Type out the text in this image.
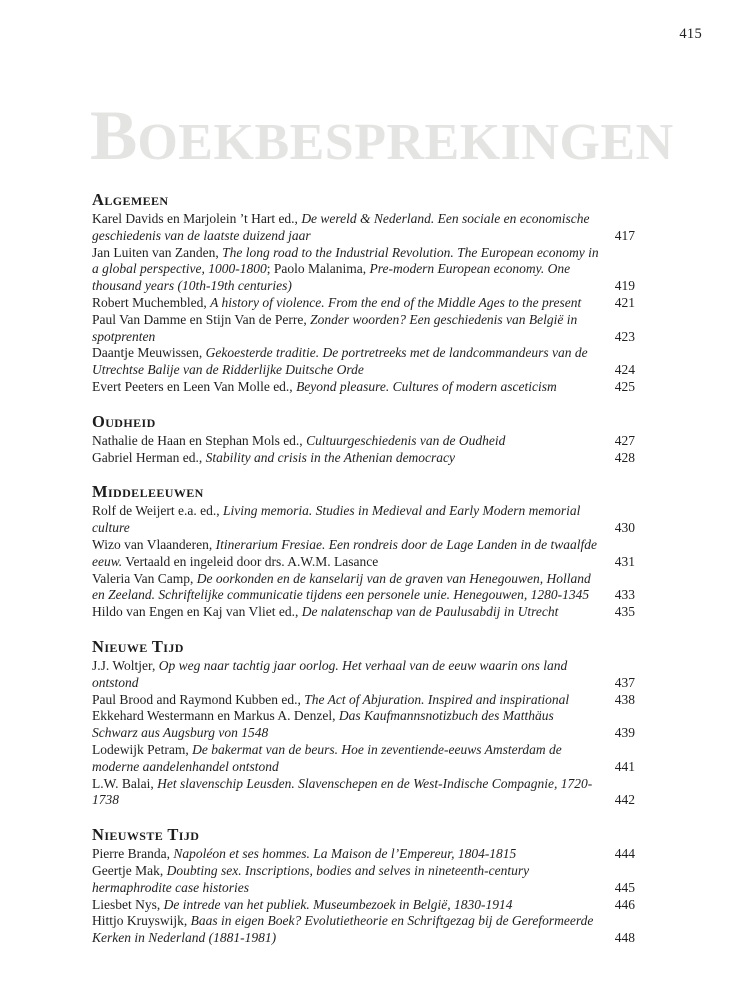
415
BOEKBESPREKINGEN
Algemeen

Karel Davids en Marjolein ’t Hart ed., De wereld & Nederland. Een sociale en economische geschiedenis van de laatste duizend jaar	417

Jan Luiten van Zanden, The long road to the Industrial Revolution. The European economy in a global perspective, 1000-1800; Paolo Malanima, Pre-modern European economy. One thousand years (10th-19th centuries)	419

Robert Muchembled, A history of violence. From the end of the Middle Ages to the present	421

Paul Van Damme en Stijn Van de Perre, Zonder woorden? Een geschiedenis van België in spotprenten	423

Daantje Meuwissen, Gekoesterde traditie. De portretreeks met de landcommandeurs van de Utrechtse Balije van de Ridderlijke Duitsche Orde	424

Evert Peeters en Leen Van Molle ed., Beyond pleasure. Cultures of modern asceticism	425
Oudheid

Nathalie de Haan en Stephan Mols ed., Cultuurgeschiedenis van de Oudheid	427

Gabriel Herman ed., Stability and crisis in the Athenian democracy	428
Middeleeuwen

Rolf de Weijert e.a. ed., Living memoria. Studies in Medieval and Early Modern memorial culture	430

Wizo van Vlaanderen, Itinerarium Fresiae. Een rondreis door de Lage Landen in de twaalfde eeuw. Vertaald en ingeleid door drs. A.W.M. Lasance	431

Valeria Van Camp, De oorkonden en de kanselarij van de graven van Henegouwen, Holland en Zeeland. Schriftelijke communicatie tijdens een personele unie. Henegouwen, 1280-1345	433

Hildo van Engen en Kaj van Vliet ed., De nalatenschap van de Paulusabdij in Utrecht	435
Nieuwe Tijd

J.J. Woltjer, Op weg naar tachtig jaar oorlog. Het verhaal van de eeuw waarin ons land ontstond	437

Paul Brood and Raymond Kubben ed., The Act of Abjuration. Inspired and inspirational	438

Ekkehard Westermann en Markus A. Denzel, Das Kaufmannsnotizbuch des Matthäus Schwarz aus Augsburg von 1548	439

Lodewijk Petram, De bakermat van de beurs. Hoe in zeventiende-eeuws Amsterdam de moderne aandelenhandel ontstond	441

L.W. Balai, Het slavenschip Leusden. Slavenschepen en de West-Indische Compagnie, 1720-1738	442
Nieuwste Tijd

Pierre Branda, Napoléon et ses hommes. La Maison de l’Empereur, 1804-1815	444

Geertje Mak, Doubting sex. Inscriptions, bodies and selves in nineteenth-century hermaphrodite case histories	445

Liesbet Nys, De intrede van het publiek. Museumbezoek in België, 1830-1914	446

Hittjo Kruyswijk, Baas in eigen Boek? Evolutietheorie en Schriftgezag bij de Gereformeerde Kerken in Nederland (1881-1981)	448
